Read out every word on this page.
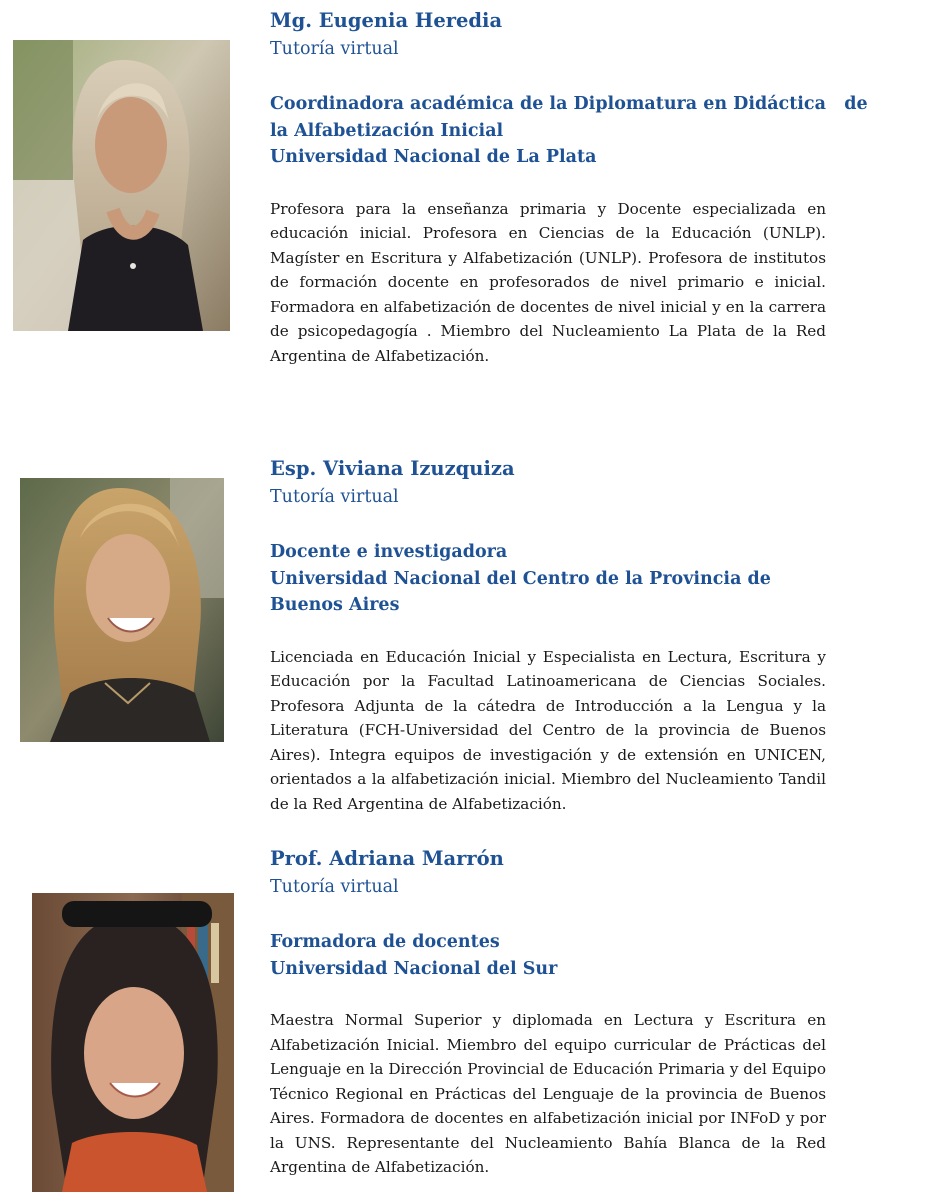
Mg. Eugenia Heredia

Tutoría virtual

Coordinadora académica de la Diplomatura en Didáctica   de
la Alfabetización Inicial
Universidad Nacional de La Plata
Profesora para la enseñanza primaria y Docente especializada en educación inicial. Profesora en Ciencias de la Educación (UNLP). Magíster en Escritura y Alfabetización (UNLP). Profesora de institutos de formación docente en profesorados de nivel primario e inicial. Formadora en alfabetización de docentes de nivel inicial y en la carrera de psicopedagogía . Miembro del Nucleamiento La Plata de la Red Argentina de Alfabetización.

Esp. Viviana Izuzquiza

Tutoría virtual

Docente e investigadora
Universidad Nacional del Centro de la Provincia de
Buenos Aires
Licenciada en Educación Inicial y Especialista en Lectura, Escritura y Educación por la Facultad Latinoamericana de Ciencias Sociales. Profesora Adjunta de la cátedra de Introducción a la Lengua y la Literatura (FCH-Universidad del Centro de la provincia de Buenos Aires). Integra equipos de investigación y de extensión en UNICEN, orientados a la alfabetización inicial. Miembro del Nucleamiento Tandil de la Red Argentina de Alfabetización.

Prof. Adriana Marrón

Tutoría virtual

Formadora de docentes
Universidad Nacional del Sur
Maestra Normal Superior y diplomada en Lectura y Escritura en Alfabetización Inicial. Miembro del equipo curricular de Prácticas del Lenguaje en la Dirección Provincial de Educación Primaria y del Equipo Técnico Regional en Prácticas del Lenguaje de la provincia de Buenos Aires. Formadora de docentes en alfabetización inicial por INFoD y por la UNS. Representante del Nucleamiento Bahía Blanca de la Red Argentina de Alfabetización.
